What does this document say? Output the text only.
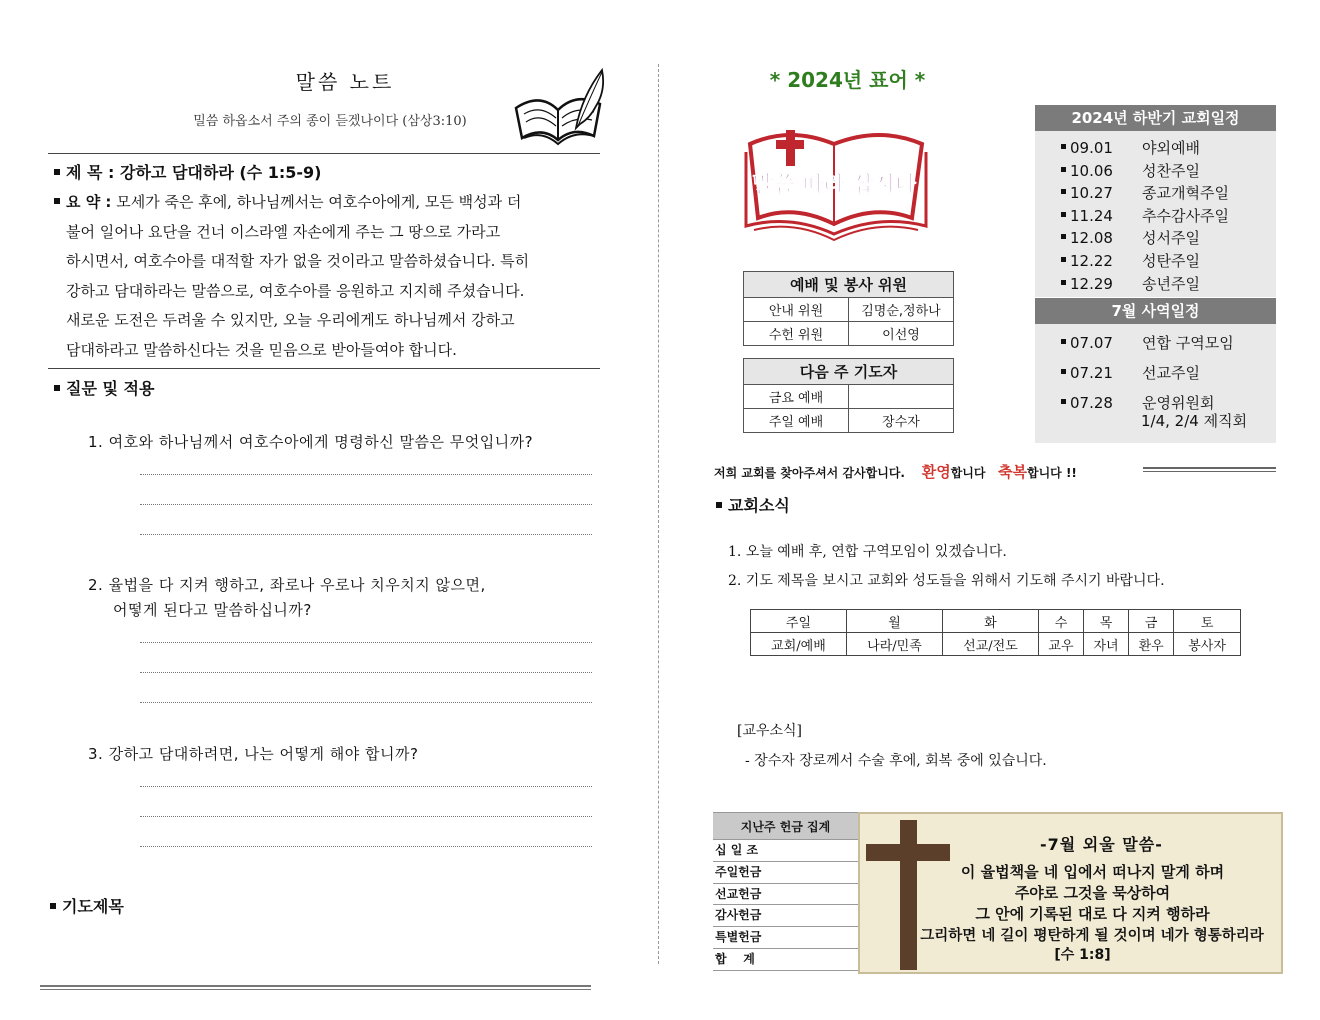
말씀 노트
밀씀 하옵소서 주의 종이 듣겠나이다 (삼상3:10)
제 목 : 강하고 담대하라 (수 1:5-9)
요 약 : 모세가 죽은 후에, 하나님께서는 여호수아에게, 모든 백성과 더
불어 일어나 요단을 건너 이스라엘 자손에게 주는 그 땅으로 가라고
하시면서, 여호수아를 대적할 자가 없을 것이라고 말씀하셨습니다. 특히
강하고 담대하라는 말씀으로, 여호수아를 응원하고 지지해 주셨습니다.
새로운 도전은 두려울 수 있지만, 오늘 우리에게도 하나님께서 강하고
담대하라고 말씀하신다는 것을 믿음으로 받아들여야 합니다.
질문 및 적용
1. 여호와 하나님께서 여호수아에게 명령하신 말씀은 무엇입니까?
2. 율법을 다 지켜 행하고, 좌로나 우로나 치우치지 않으면,
어떻게 된다고 말씀하십니까?
3. 강하고 담대하려면, 나는 어떻게 해야 합니까?
기도제목
* 2024년 표어 *
말씀 따라 삽시다
예배 및 봉사 위원	
안내 위원	김명순,정하나
수헌 위원	이선영
다음 주 기도자	
금요 예배	
주일 예배	장수자
2024년 하반기 교회일정
09.01 야외예배
10.06 성찬주일
10.27 종교개혁주일
11.24 추수감사주일
12.08 성서주일
12.22 성탄주일
12.29 송년주일
7월 사역일정
07.07 연합 구역모임
07.21 선교주일
07.28 운영위원회
1/4, 2/4 제직회
저희 교회를 찾아주셔서 감사합니다. 환영합니다 축복합니다 !!
교회소식
1. 오늘 예배 후, 연합 구역모임이 있겠습니다.
2. 기도 제목을 보시고 교회와 성도들을 위해서 기도해 주시기 바랍니다.
주일	월	화	수	목	금	토
교회/예배	나라/민족	선교/전도	교우	자녀	환우	봉사자
[교우소식]
- 장수자 장로께서 수술 후에, 회복 중에 있습니다.
지난주 헌금 집계
십 일 조
주일헌금
선교헌금
감사헌금
특별헌금
합    계
-7월 외울 말씀-
이 율법책을 네 입에서 떠나지 말게 하며
주야로 그것을 묵상하여
그 안에 기록된 대로 다 지켜 행하라
그리하면 네 길이 평탄하게 될 것이며 네가 형통하리라
[수 1:8]
